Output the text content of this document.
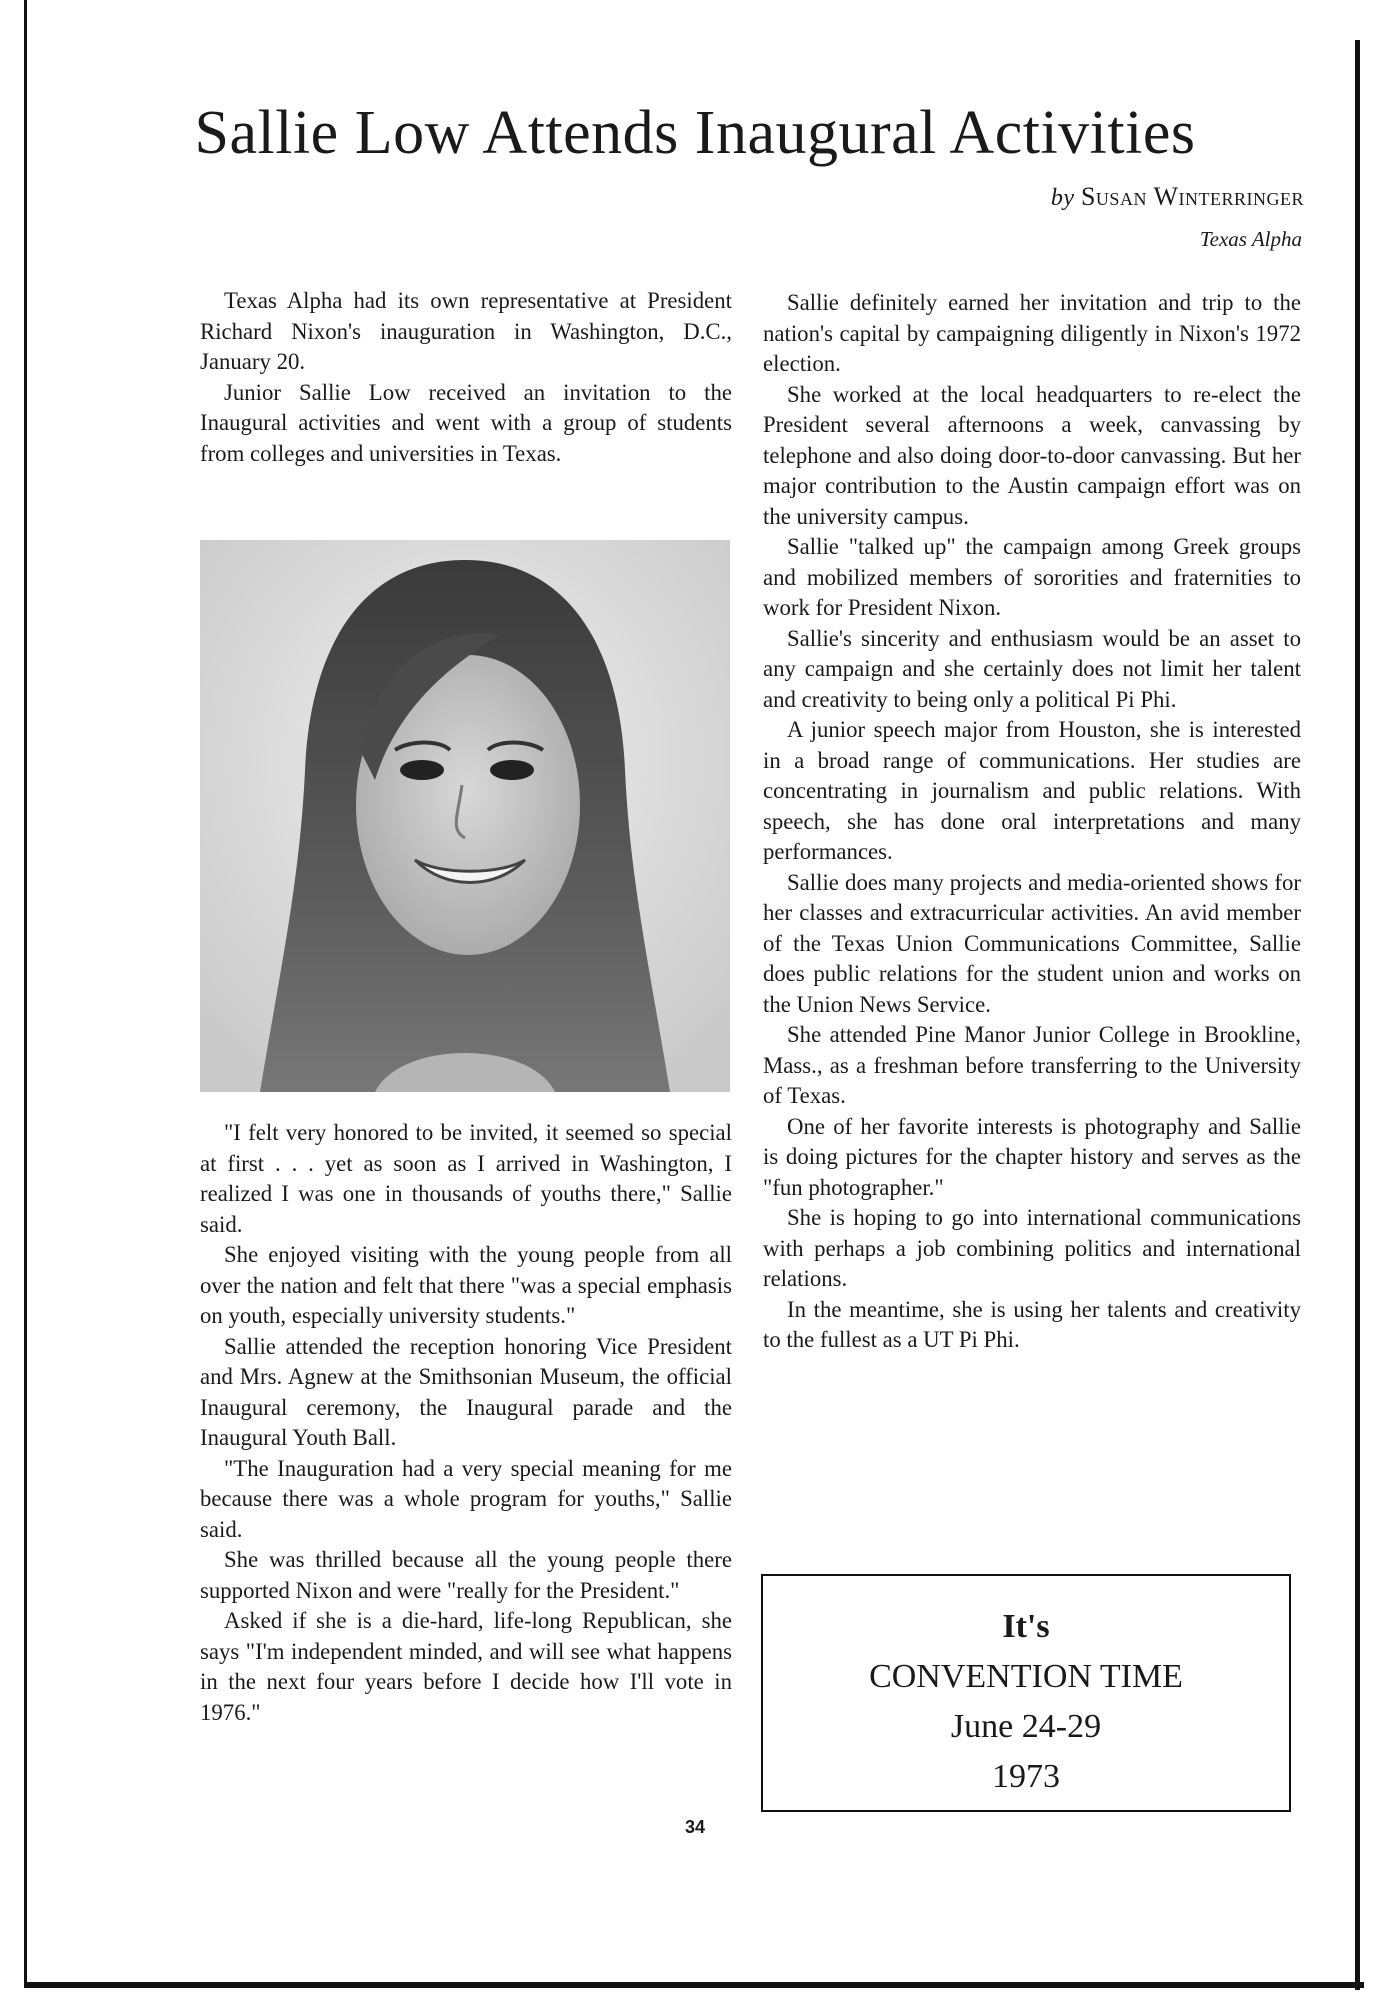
Sallie Low Attends Inaugural Activities
by Susan Winterringer
Texas Alpha

Texas Alpha had its own representative at President Richard Nixon's inauguration in Washington, D.C., January 20.

Junior Sallie Low received an invitation to the Inaugural activities and went with a group of students from colleges and universities in Texas.

"I felt very honored to be invited, it seemed so special at first . . . yet as soon as I arrived in Washington, I realized I was one in thousands of youths there," Sallie said.

She enjoyed visiting with the young people from all over the nation and felt that there "was a special emphasis on youth, especially university students."

Sallie attended the reception honoring Vice President and Mrs. Agnew at the Smithsonian Museum, the official Inaugural ceremony, the Inaugural parade and the Inaugural Youth Ball.

"The Inauguration had a very special meaning for me because there was a whole program for youths," Sallie said.

She was thrilled because all the young people there supported Nixon and were "really for the President."

Asked if she is a die-hard, life-long Republican, she says "I'm independent minded, and will see what happens in the next four years before I decide how I'll vote in 1976."

Sallie definitely earned her invitation and trip to the nation's capital by campaigning diligently in Nixon's 1972 election.

She worked at the local headquarters to re-elect the President several afternoons a week, canvassing by telephone and also doing door-to-door canvassing. But her major contribution to the Austin campaign effort was on the university campus.

Sallie "talked up" the campaign among Greek groups and mobilized members of sororities and fraternities to work for President Nixon.

Sallie's sincerity and enthusiasm would be an asset to any campaign and she certainly does not limit her talent and creativity to being only a political Pi Phi.

A junior speech major from Houston, she is interested in a broad range of communications. Her studies are concentrating in journalism and public relations. With speech, she has done oral interpretations and many performances.

Sallie does many projects and media-oriented shows for her classes and extracurricular activities. An avid member of the Texas Union Communications Committee, Sallie does public relations for the student union and works on the Union News Service.

She attended Pine Manor Junior College in Brookline, Mass., as a freshman before transferring to the University of Texas.

One of her favorite interests is photography and Sallie is doing pictures for the chapter history and serves as the "fun photographer."

She is hoping to go into international communications with perhaps a job combining politics and international relations.

In the meantime, she is using her talents and creativity to the fullest as a UT Pi Phi.

It's
CONVENTION TIME
June 24-29
1973
34
